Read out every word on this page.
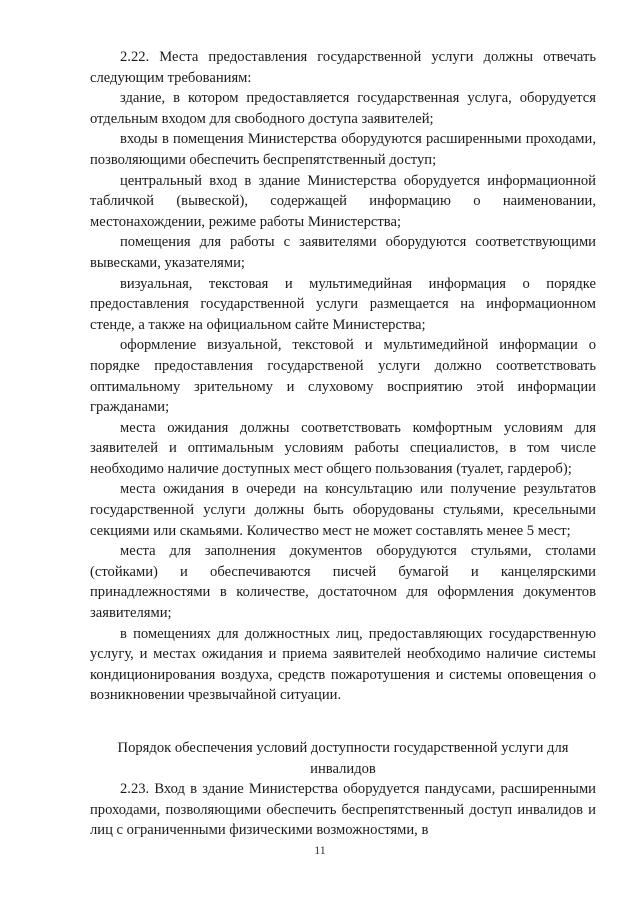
2.22. Места предоставления государственной услуги должны отвечать следующим требованиям:

здание, в котором предоставляется государственная услуга, оборудуется отдельным входом для свободного доступа заявителей;

входы в помещения Министерства оборудуются расширенными проходами, позволяющими обеспечить беспрепятственный доступ;

центральный вход в здание Министерства оборудуется информационной табличкой (вывеской), содержащей информацию о наименовании, местонахождении, режиме работы Министерства;

помещения для работы с заявителями оборудуются соответствующими вывесками, указателями;

визуальная, текстовая и мультимедийная информация о порядке предоставления государственной услуги размещается на информационном стенде, а также на официальном сайте Министерства;

оформление визуальной, текстовой и мультимедийной информации о порядке предоставления государственой услуги должно соответствовать оптимальному зрительному и слуховому восприятию этой информации гражданами;

места ожидания должны соответствовать комфортным условиям для заявителей и оптимальным условиям работы специалистов, в том числе необходимо наличие доступных мест общего пользования (туалет, гардероб);

места ожидания в очереди на консультацию или получение результатов государственной услуги должны быть оборудованы стульями, кресельными секциями или скамьями. Количество мест не может составлять менее 5 мест;

места для заполнения документов оборудуются стульями, столами (стойками) и обеспечиваются писчей бумагой и канцелярскими принадлежностями в количестве, достаточном для оформления документов заявителями;

в помещениях для должностных лиц, предоставляющих государственную услугу, и местах ожидания и приема заявителей необходимо наличие системы кондиционирования воздуха, средств пожаротушения и системы оповещения о возникновении чрезвычайной ситуации.

Порядок обеспечения условий доступности государственной услуги для инвалидов

2.23. Вход в здание Министерства оборудуется пандусами, расширенными проходами, позволяющими обеспечить беспрепятственный доступ инвалидов и лиц с ограниченными физическими возможностями, в

11
